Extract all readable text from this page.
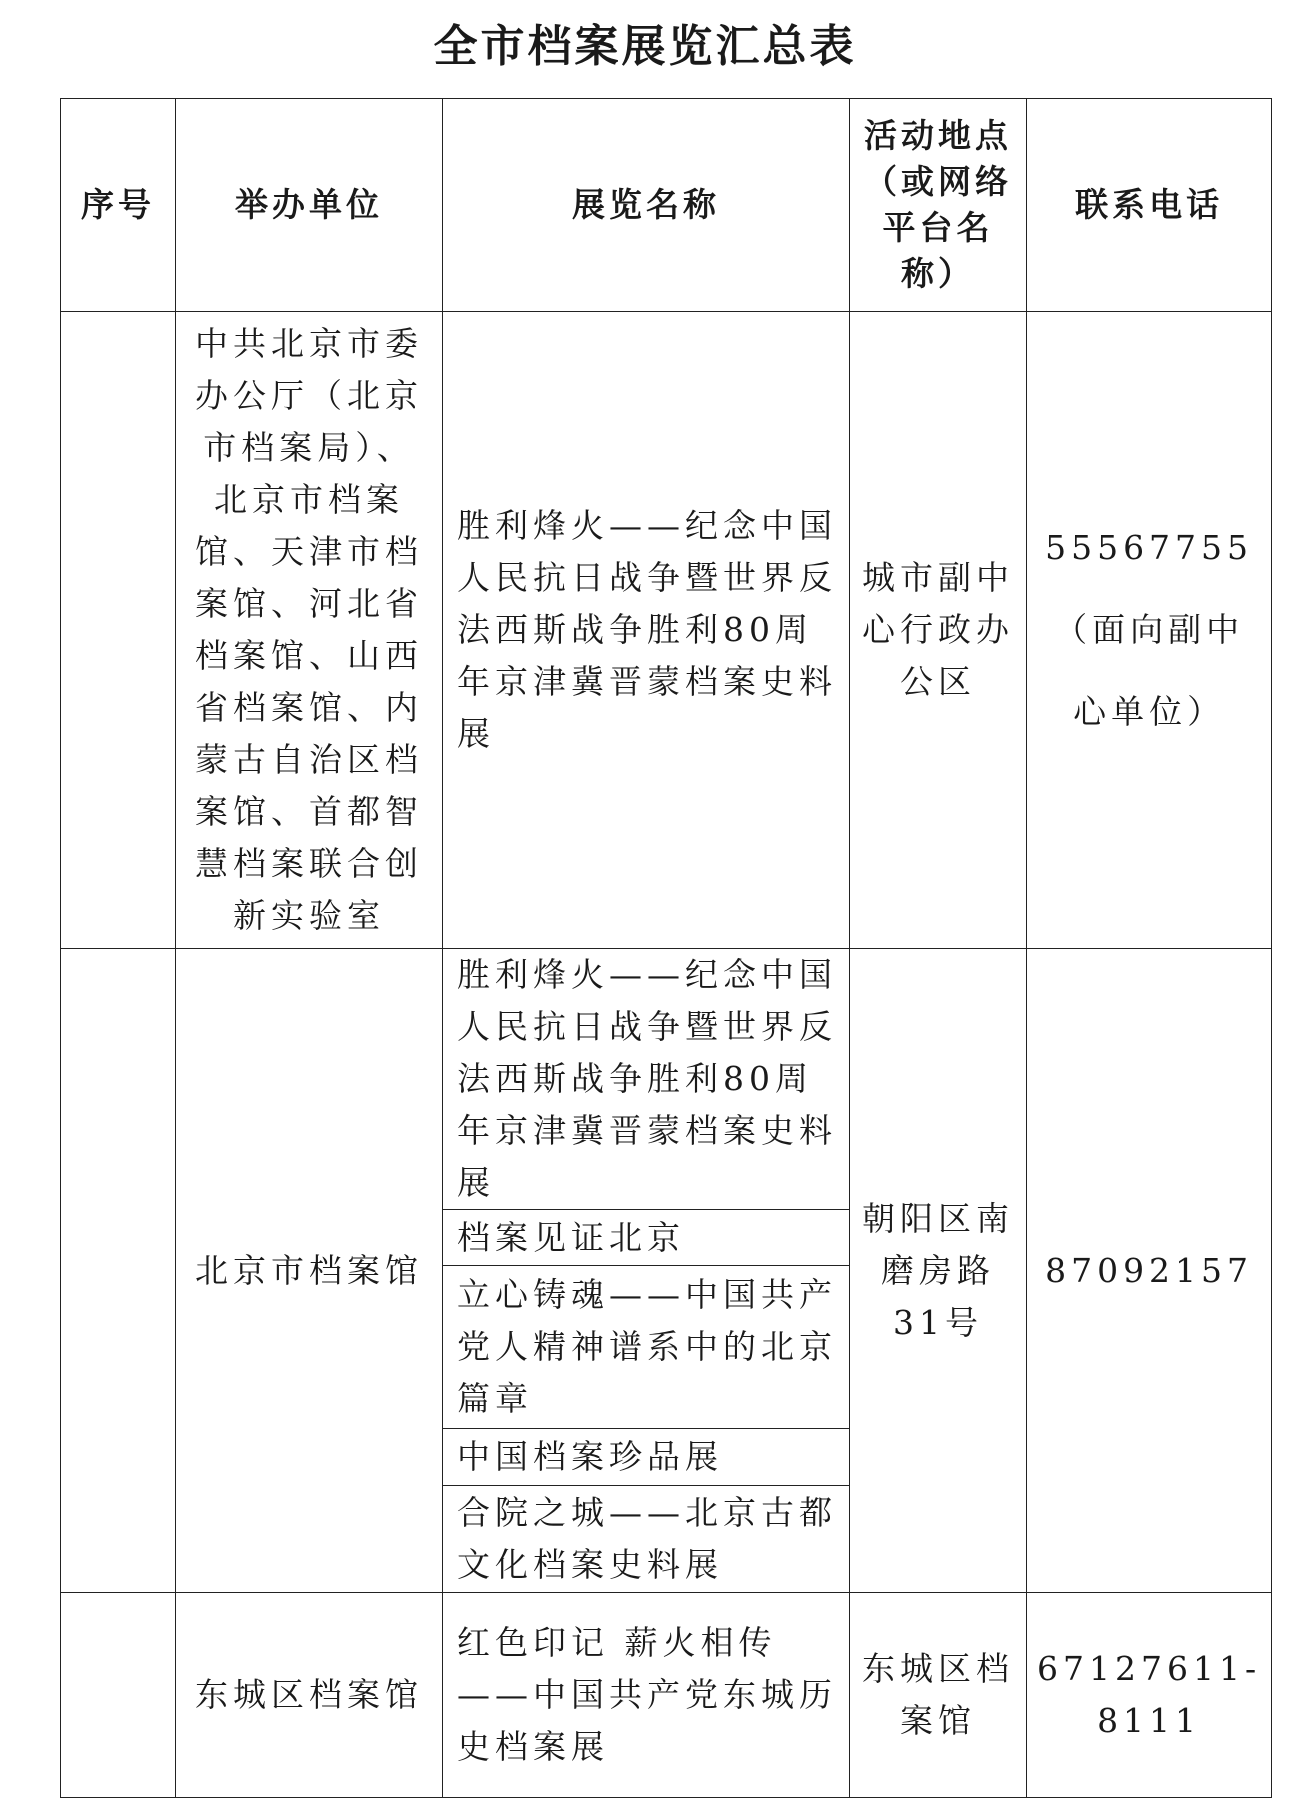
全市档案展览汇总表
序号	举办单位	展览名称	活动地点（或网络平台名称）	联系电话
	中共北京市委办公厅（北京市档案局）、北京市档案馆、天津市档案馆、河北省档案馆、山西省档案馆、内蒙古自治区档案馆、首都智慧档案联合创新实验室	胜利烽火——纪念中国人民抗日战争暨世界反法西斯战争胜利80周年京津冀晋蒙档案史料展	城市副中心行政办公区	55567755（面向副中心单位）
	北京市档案馆	胜利烽火——纪念中国人民抗日战争暨世界反法西斯战争胜利80周年京津冀晋蒙档案史料展	朝阳区南磨房路31号	87092157
		档案见证北京		
		立心铸魂——中国共产党人精神谱系中的北京篇章		
		中国档案珍品展		
		合院之城——北京古都文化档案史料展		
	东城区档案馆	红色印记 薪火相传——中国共产党东城历史档案展	东城区档案馆	67127611-8111
